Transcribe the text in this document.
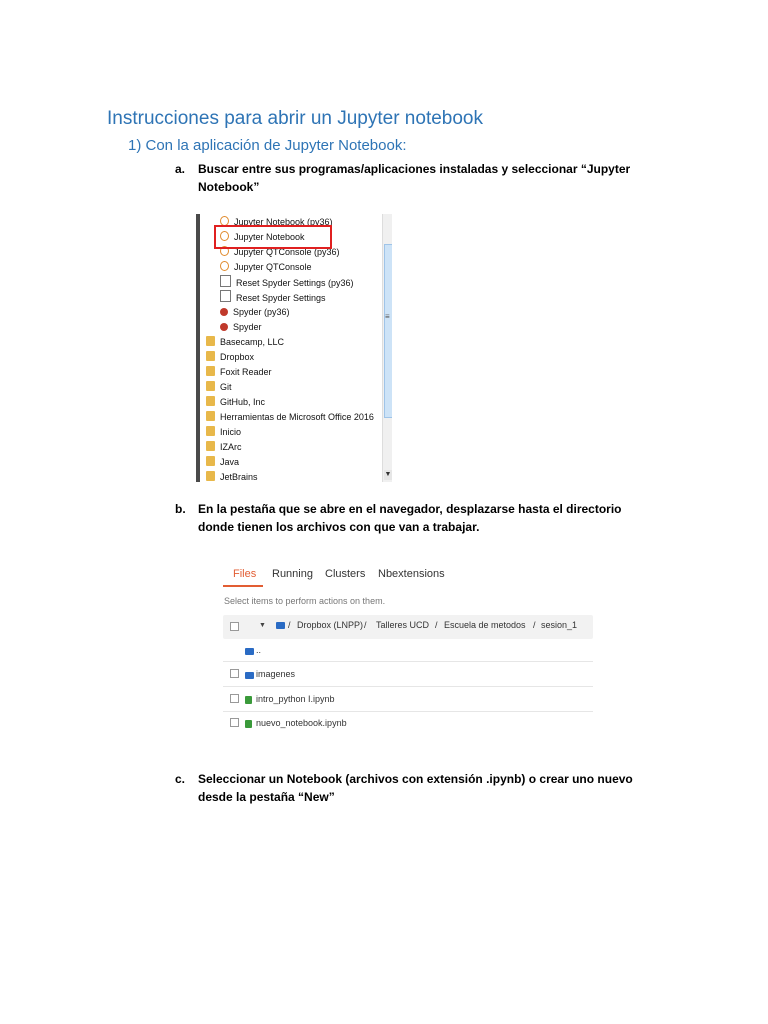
Instrucciones para abrir un Jupyter notebook
1) Con la aplicación de Jupyter Notebook:
a. Buscar entre sus programas/aplicaciones instaladas y seleccionar “Jupyter Notebook”
Jupyter Notebook (py36)
Jupyter Notebook
Jupyter QTConsole (py36)
Jupyter QTConsole
Reset Spyder Settings (py36)
Reset Spyder Settings
Spyder (py36)
Spyder
Basecamp, LLC
Dropbox
Foxit Reader
Git
GitHub, Inc
Herramientas de Microsoft Office 2016
Inicio
IZArc
Java
JetBrains
≡
▼
b. En la pestaña que se abre en el navegador, desplazarse hasta el directorio donde tienen los archivos con que van a trabajar.
Files Running Clusters Nbextensions
Select items to perform actions on them.
▼ / Dropbox (LNPP) / Talleres UCD / Escuela de metodos / sesion_1
..
imagenes
intro_python I.ipynb
nuevo_notebook.ipynb
c. Seleccionar un Notebook (archivos con extensión .ipynb) o crear uno nuevo desde la pestaña “New”
